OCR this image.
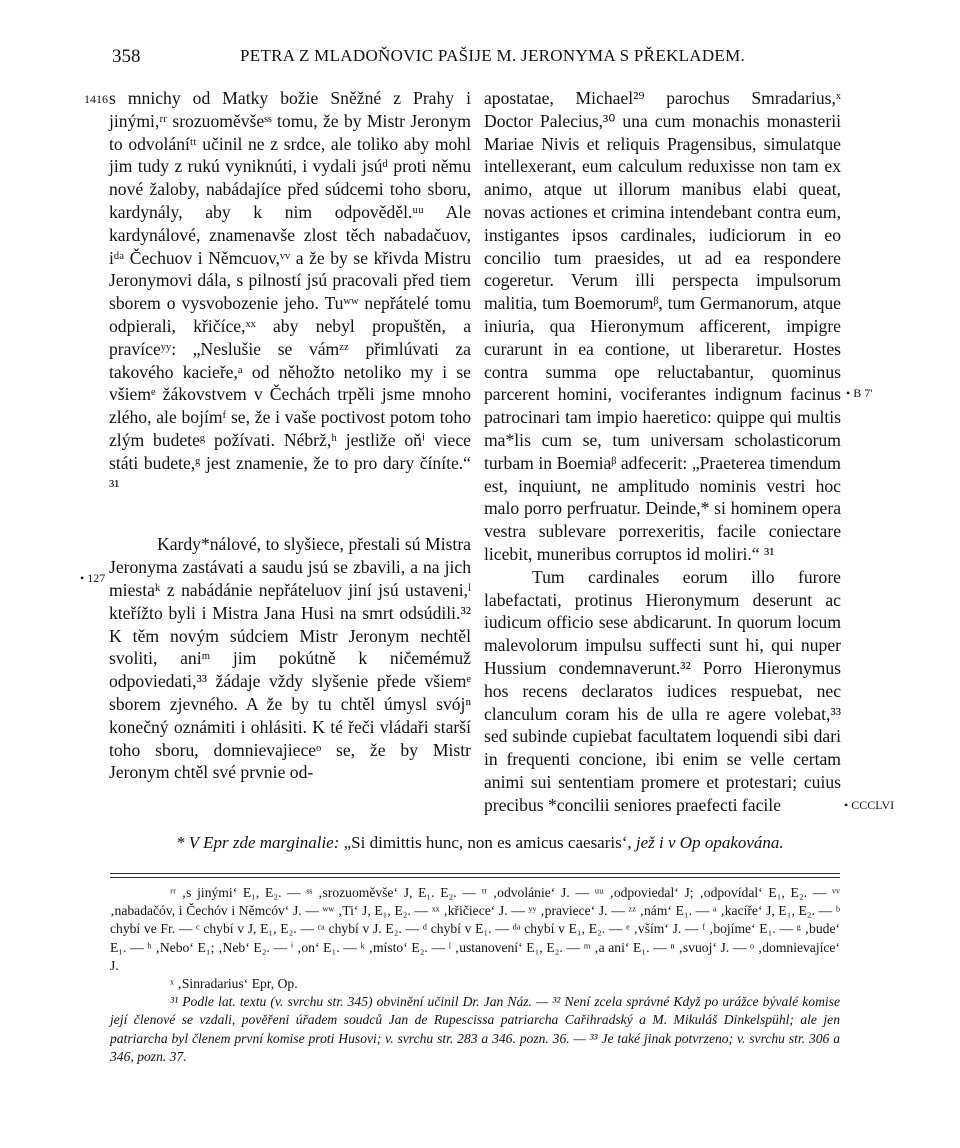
358	PETRA Z MLADOŇOVIC PAŠIJE M. JERONYMA S PŘEKLADEM.
1416
• 127
• B 7'
• CCCLVI

s mnichy od Matky božie Sněžné z Prahy i jinými,ʳʳ srozuoměvšeˢˢ tomu, že by Mistr Jeronym to odvoláníᵗᵗ učinil ne z srdce, ale toliko aby mohl jim tudy z rukú vyniknúti, i vydali jsúᵈ proti němu nové žaloby, nabádajíce před súdcemi toho sboru, kardynály, aby k nim odpověděl.ᵘᵘ Ale kardynálové, znamenavše zlost těch nabadačuov, iᵈᵃ Čechuov i Němcuov,ᵛᵛ a že by se křivda Mistru Jeronymovi dála, s pilností jsú pracovali před tiem sborem o vysvobozenie jeho. Tuʷʷ nepřátelé tomu odpierali, křičíce,ˣˣ aby nebyl propuštěn, a pravíceʸʸ: „Neslušie se vámᶻᶻ přimlúvati za takového kacieře,ᵃ od něhožto netoliko my i se všiemᵉ žákovstvem v Čechách trpěli jsme mnoho zlého, ale bojímᶠ se, že i vaše poctivost potom toho zlým budeteᵍ požívati. Nébrž,ʰ jestliže oňⁱ viece státi budete,ᵍ jest znamenie, že to pro dary číníte.“ ³¹

Kardy*nálové, to slyšiece, přestali sú Mistra Jeronyma zastávati a saudu jsú se zbavili, a na jich miestaᵏ z nabádánie nepřáteluov jiní jsú ustaveni,ˡ kteřížto byli i Mistra Jana Husi na smrt odsúdili.³² K těm novým súdciem Mistr Jeronym nechtěl svoliti, aniᵐ jim pokútně k ničemémuž odpoviedati,³³ žádaje vždy slyšenie přede všiemᵉ sborem zjevného. A že by tu chtěl úmysl svójⁿ konečný oznámiti i ohlásiti. K té řeči vládaři starší toho sboru, domnievajieceᵒ se, že by Mistr Jeronym chtěl své prvnie od-

apostatae, Michael²⁹ parochus Smradarius,ˣ Doctor Palecius,³⁰ una cum monachis monasterii Mariae Nivis et reliquis Pragensibus, simulatque intellexerant, eum calculum reduxisse non tam ex animo, atque ut illorum manibus elabi queat, novas actiones et crimina intendebant contra eum, instigantes ipsos cardinales, iudiciorum in eo concilio tum praesides, ut ad ea respondere cogeretur. Verum illi perspecta impulsorum malitia, tum Boemorumᵝ, tum Germanorum, atque iniuria, qua Hieronymum afficerent, impigre curarunt in ea contione, ut liberaretur. Hostes contra summa ope reluctabantur, quominus parcerent homini, vociferantes indignum facinus patrocinari tam impio haeretico: quippe qui multis ma*lis cum se, tum universam scholasticorum turbam in Boemiaᵝ adfecerit: „Praeterea timendum est, inquiunt, ne amplitudo nominis vestri hoc malo porro perfruatur. Deinde,* si hominem opera vestra sublevare porrexeritis, facile coniectare licebit, muneribus corruptos id moliri.“ ³¹

Tum cardinales eorum illo furore labefactati, protinus Hieronymum deserunt ac iudicum officio sese abdicarunt. In quorum locum malevolorum impulsu suffecti sunt hi, qui nuper Hussium condemnaverunt.³² Porro Hieronymus hos recens declaratos iudices respuebat, nec clanculum coram his de ulla re agere volebat,³³ sed subinde cupiebat facultatem loquendi sibi dari in frequenti concione, ibi enim se velle certam animi sui sententiam promere et protestari; cuius precibus *concilii seniores praefecti facile

* V Epr zde marginalie: „Si dimittis hunc, non es amicus caesaris‘, jež i v Op opakována.

ʳʳ ‚s jinými‘ E₁, E₂. — ˢˢ ‚srozuoměvše‘ J, E₁. E₂. — ᵗᵗ ‚odvolánie‘ J. — ᵘᵘ ‚odpoviedal‘ J; ‚odpovídal‘ E₁, E₂. — ᵛᵛ ‚nabadačóv, i Čechóv i Němcóv‘ J. — ʷʷ ‚Ti‘ J, E₁, E₂. — ˣˣ ‚křičiece‘ J. — ʸʸ ‚praviece‘ J. — ᶻᶻ ‚nám‘ E₁. — ᵃ ‚kacíře‘ J, E₁, E₂. — ᵇ chybí ve Fr. — ᶜ chybí v J, E₁, E₂. — ᶜᵃ chybí v J. E₂. — ᵈ chybí v E₁. — ᵈᵃ chybí v E₁, E₂. — ᵉ ‚vším‘ J. — ᶠ ‚bojíme‘ E₁. — ᵍ ‚bude‘ E₁. — ʰ ‚Nebo‘ E₁; ‚Neb‘ E₂. — ⁱ ‚on‘ E₁. — ᵏ ‚místo‘ E₂. — ˡ ‚ustanovení‘ E₁, E₂. — ᵐ ‚a ani‘ E₁. — ⁿ ‚svuoj‘ J. — ᵒ ‚domnievajíce‘ J.

ˣ ‚Sinradarius‘ Epr, Op.

³¹ Podle lat. textu (v. svrchu str. 345) obvinění učinil Dr. Jan Náz. — ³² Není zcela správné Když po urážce bývalé komise její členové se vzdali, pověřeni úřadem soudců Jan de Rupescissa patriarcha Cařihradský a M. Mikuláš Dinkelspühl; ale jen patriarcha byl členem první komise proti Husovi; v. svrchu str. 283 a 346. pozn. 36. — ³³ Je také jinak potvrzeno; v. svrchu str. 306 a 346, pozn. 37.
